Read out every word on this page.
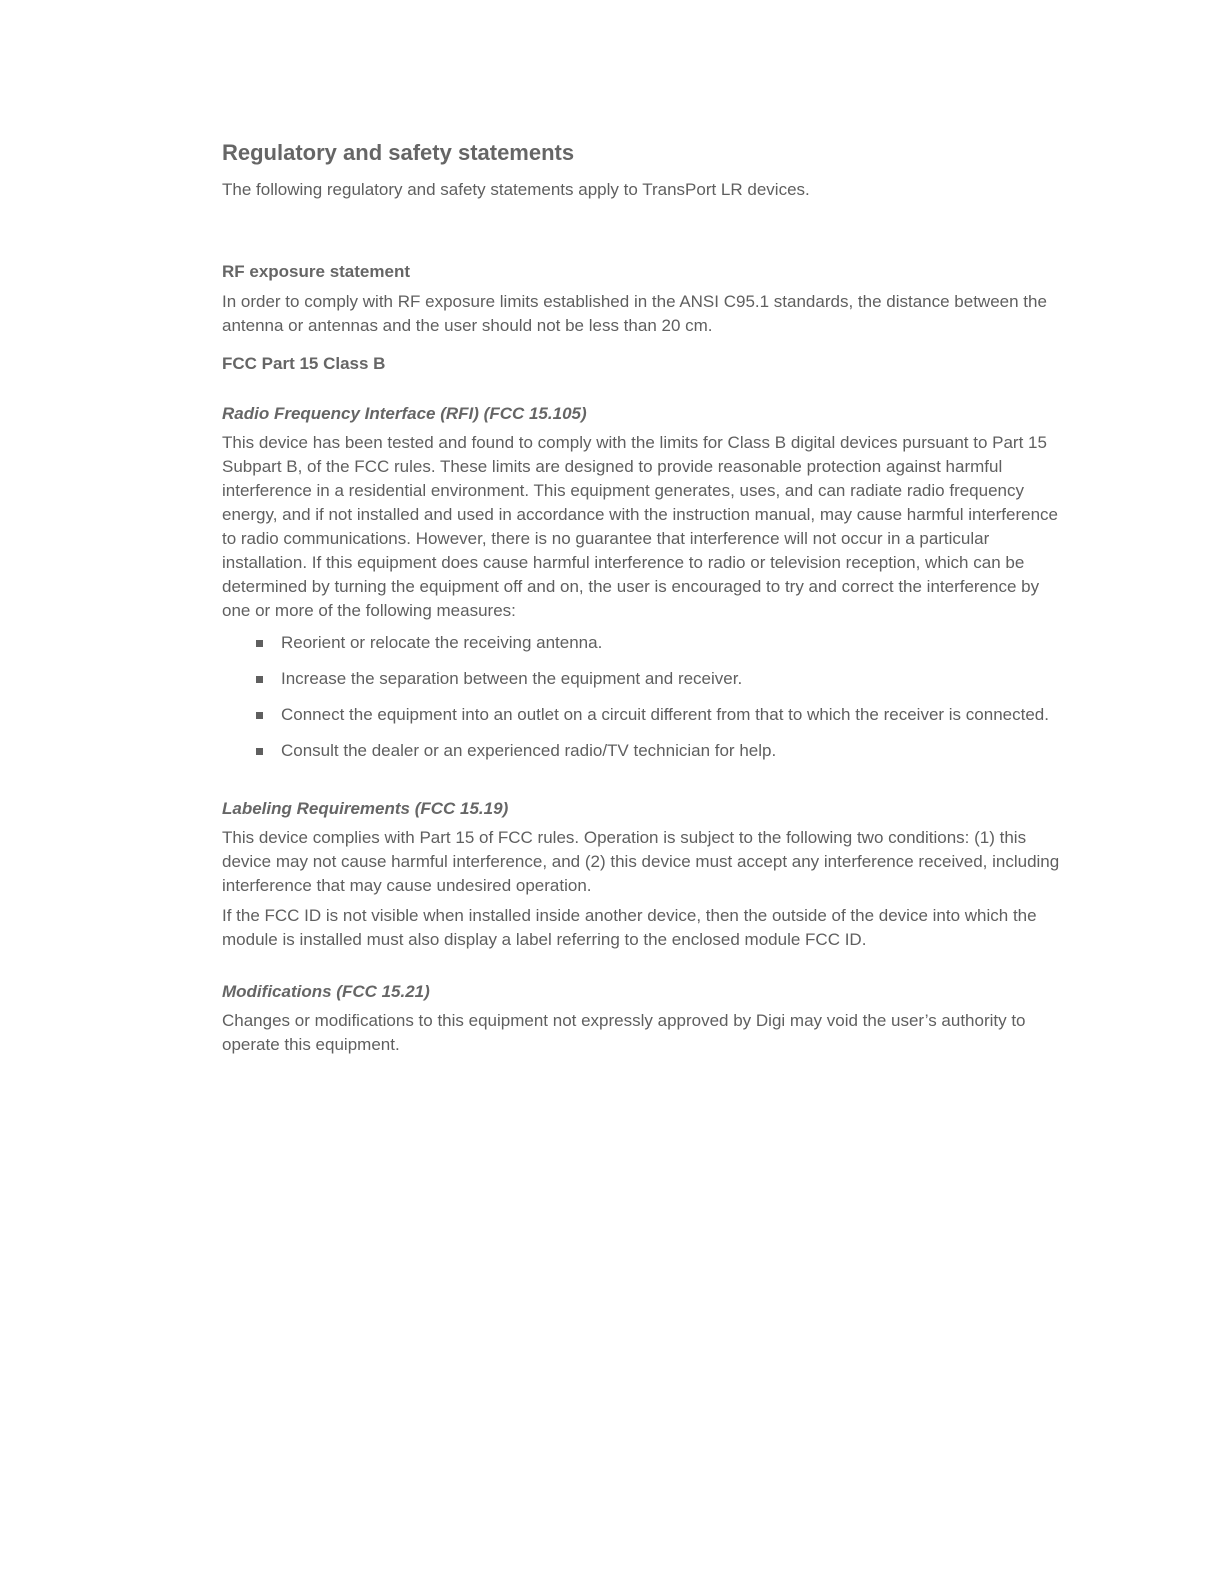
Regulatory and safety statements

The following regulatory and safety statements apply to TransPort LR devices.

RF exposure statement

In order to comply with RF exposure limits established in the ANSI C95.1 standards, the distance between the antenna or antennas and the user should not be less than 20 cm.

FCC Part 15 Class B
Radio Frequency Interface (RFI) (FCC 15.105)

This device has been tested and found to comply with the limits for Class B digital devices pursuant to Part 15 Subpart B, of the FCC rules. These limits are designed to provide reasonable protection against harmful interference in a residential environment. This equipment generates, uses, and can radiate radio frequency energy, and if not installed and used in accordance with the instruction manual, may cause harmful interference to radio communications. However, there is no guarantee that interference will not occur in a particular installation. If this equipment does cause harmful interference to radio or television reception, which can be determined by turning the equipment off and on, the user is encouraged to try and correct the interference by one or more of the following measures:

Reorient or relocate the receiving antenna.
Increase the separation between the equipment and receiver.
Connect the equipment into an outlet on a circuit different from that to which the receiver is connected.
Consult the dealer or an experienced radio/TV technician for help.
Labeling Requirements (FCC 15.19)

This device complies with Part 15 of FCC rules. Operation is subject to the following two conditions: (1) this device may not cause harmful interference, and (2) this device must accept any interference received, including interference that may cause undesired operation.

If the FCC ID is not visible when installed inside another device, then the outside of the device into which the module is installed must also display a label referring to the enclosed module FCC ID.

Modifications (FCC 15.21)

Changes or modifications to this equipment not expressly approved by Digi may void the user’s authority to operate this equipment.
